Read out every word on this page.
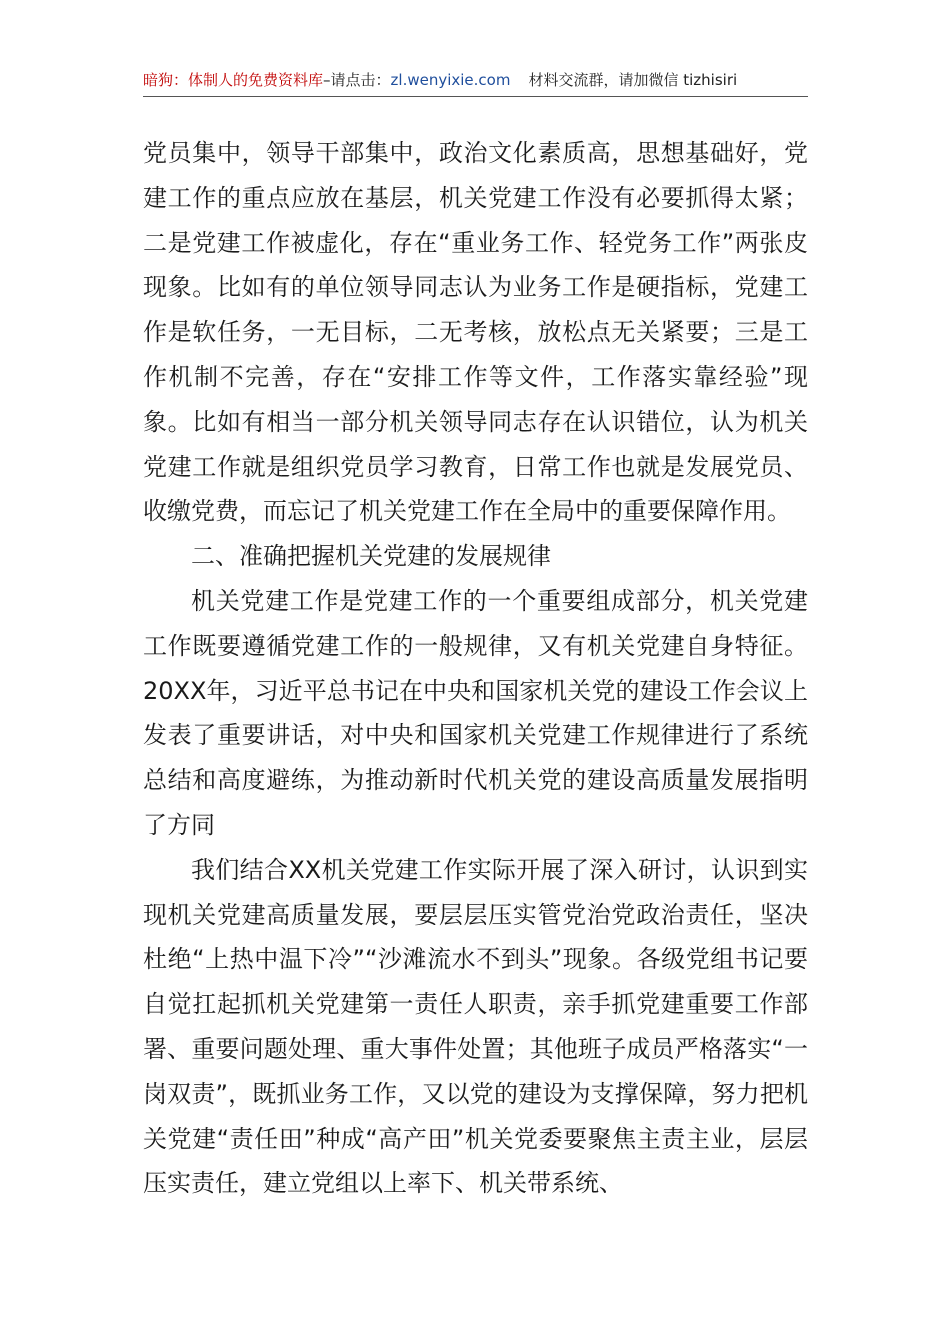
暗狗：体制人的免费资料库–请点击：zl.wenyixie.com 材料交流群，请加微信 tizhisiri

党员集中，领导干部集中，政治文化素质高，思想基础好，党建工作的重点应放在基层，机关党建工作没有必要抓得太紧；二是党建工作被虚化，存在“重业务工作、轻党务工作”两张皮现象。比如有的单位领导同志认为业务工作是硬指标，党建工作是软任务，一无目标，二无考核，放松点无关紧要；三是工作机制不完善，存在“安排工作等文件，工作落实靠经验”现象。比如有相当一部分机关领导同志存在认识错位，认为机关党建工作就是组织党员学习教育，日常工作也就是发展党员、收缴党费，而忘记了机关党建工作在全局中的重要保障作用。

二、准确把握机关党建的发展规律

机关党建工作是党建工作的一个重要组成部分，机关党建工作既要遵循党建工作的一般规律，又有机关党建自身特征。20XX年，习近平总书记在中央和国家机关党的建设工作会议上发表了重要讲话，对中央和国家机关党建工作规律进行了系统总结和高度避练，为推动新时代机关党的建设高质量发展指明了方同

我们结合XX机关党建工作实际开展了深入研讨，认识到实现机关党建高质量发展，要层层压实管党治党政治责任，坚决杜绝“上热中温下冷”“沙滩流水不到头”现象。各级党组书记要自觉扛起抓机关党建第一责任人职责，亲手抓党建重要工作部署、重要问题处理、重大事件处置；其他班子成员严格落实“一岗双责”，既抓业务工作，又以党的建设为支撑保障，努力把机关党建“责任田”种成“高产田”机关党委要聚焦主责主业，层层压实责任，建立党组以上率下、机关带系统、
